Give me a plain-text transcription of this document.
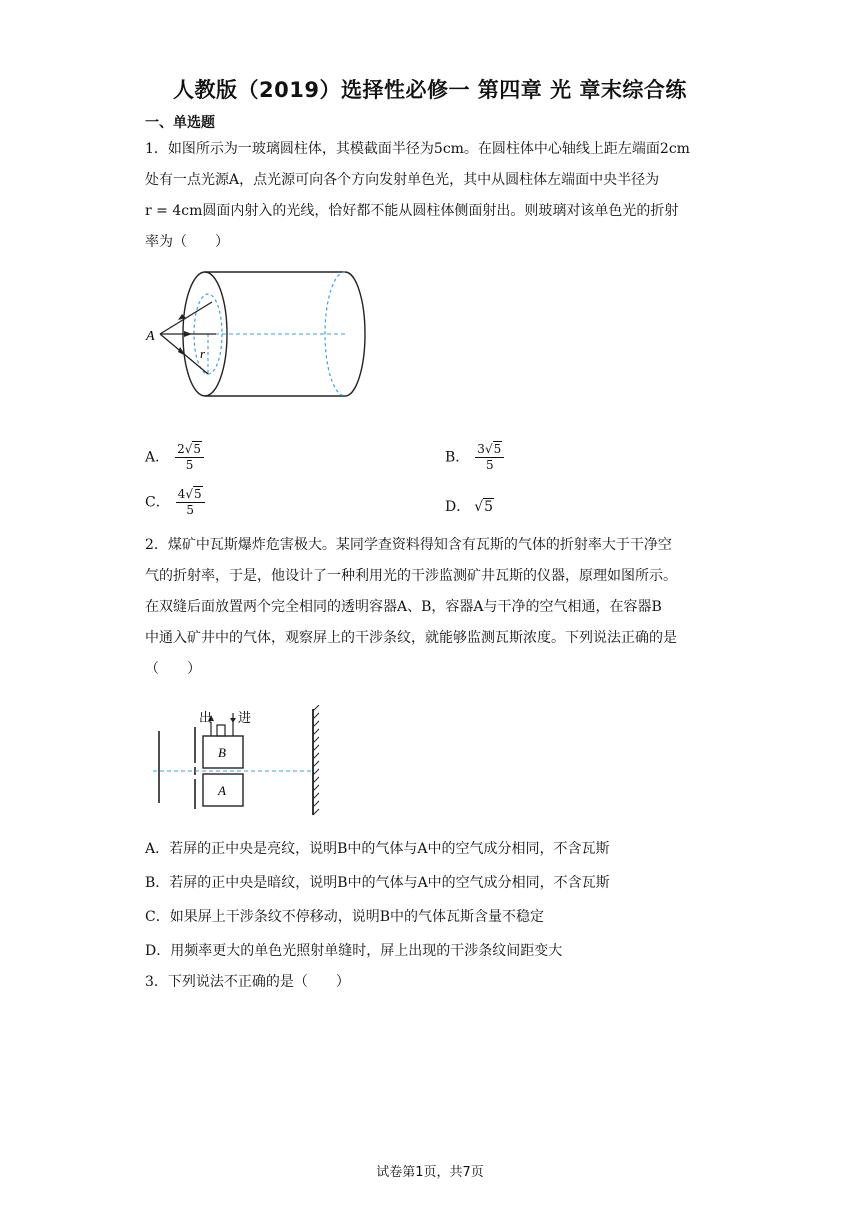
人教版（2019）选择性必修一 第四章 光 章末综合练
一、单选题
1．如图所示为一玻璃圆柱体，其模截面半径为5cm。在圆柱体中心轴线上距左端面2cm
处有一点光源A，点光源可向各个方向发射单色光，其中从圆柱体左端面中央半径为
r = 4cm圆面内射入的光线，恰好都不能从圆柱体侧面射出。则玻璃对该单色光的折射
率为（　　）
A
r
A． $\frac{2√5}{5}$	B． $\frac{3√5}{5}$
C． $\frac{4√5}{5}$	D． √5
2．煤矿中瓦斯爆炸危害极大。某同学查资料得知含有瓦斯的气体的折射率大于干净空
气的折射率，于是，他设计了一种利用光的干涉监测矿井瓦斯的仪器，原理如图所示。
在双缝后面放置两个完全相同的透明容器A、B，容器A与干净的空气相通，在容器B
中通入矿井中的气体，观察屏上的干涉条纹，就能够监测瓦斯浓度。下列说法正确的是
（　　）
出 进
B
A
A．若屏的正中央是亮纹，说明B中的气体与A中的空气成分相同，不含瓦斯
B．若屏的正中央是暗纹，说明B中的气体与A中的空气成分相同，不含瓦斯
C．如果屏上干涉条纹不停移动，说明B中的气体瓦斯含量不稳定
D．用频率更大的单色光照射单缝时，屏上出现的干涉条纹间距变大
3．下列说法不正确的是（　　）
试卷第1页，共7页
